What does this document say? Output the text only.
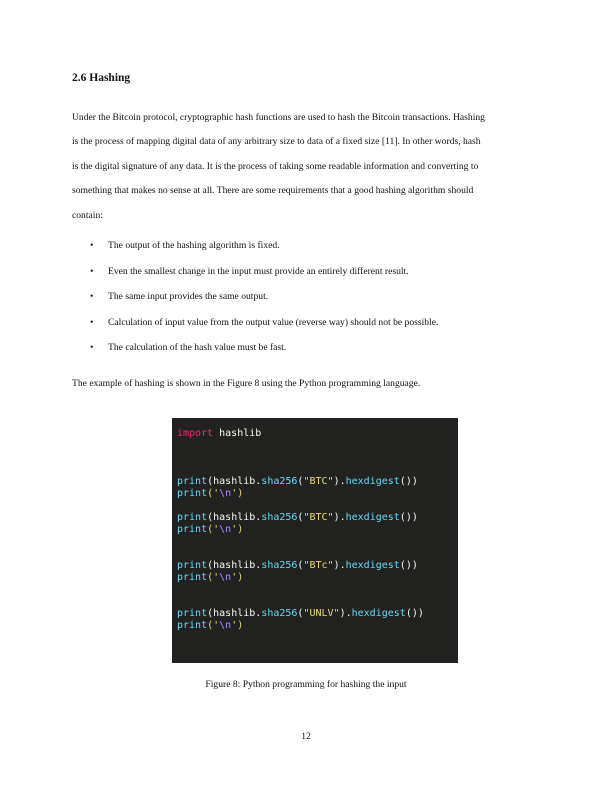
2.6 Hashing

Under the Bitcoin protocol, cryptographic hash functions are used to hash the Bitcoin transactions. Hashing
is the process of mapping digital data of any arbitrary size to data of a fixed size [11]. In other words, hash
is the digital signature of any data. It is the process of taking some readable information and converting to
something that makes no sense at all. There are some requirements that a good hashing algorithm should
contain:

• The output of the hashing algorithm is fixed.
• Even the smallest change in the input must provide an entirely different result.
• The same input provides the same output.
• Calculation of input value from the output value (reverse way) should not be possible.
• The calculation of the hash value must be fast.

The example of hashing is shown in the Figure 8 using the Python programming language.

import hashlib
print(hashlib.sha256("BTC").hexdigest())
print('\n')
print(hashlib.sha256("BTC").hexdigest())
print('\n')
print(hashlib.sha256("BTc").hexdigest())
print('\n')
print(hashlib.sha256("UNLV").hexdigest())
print('\n')

Figure 8: Python programming for hashing the input

12
